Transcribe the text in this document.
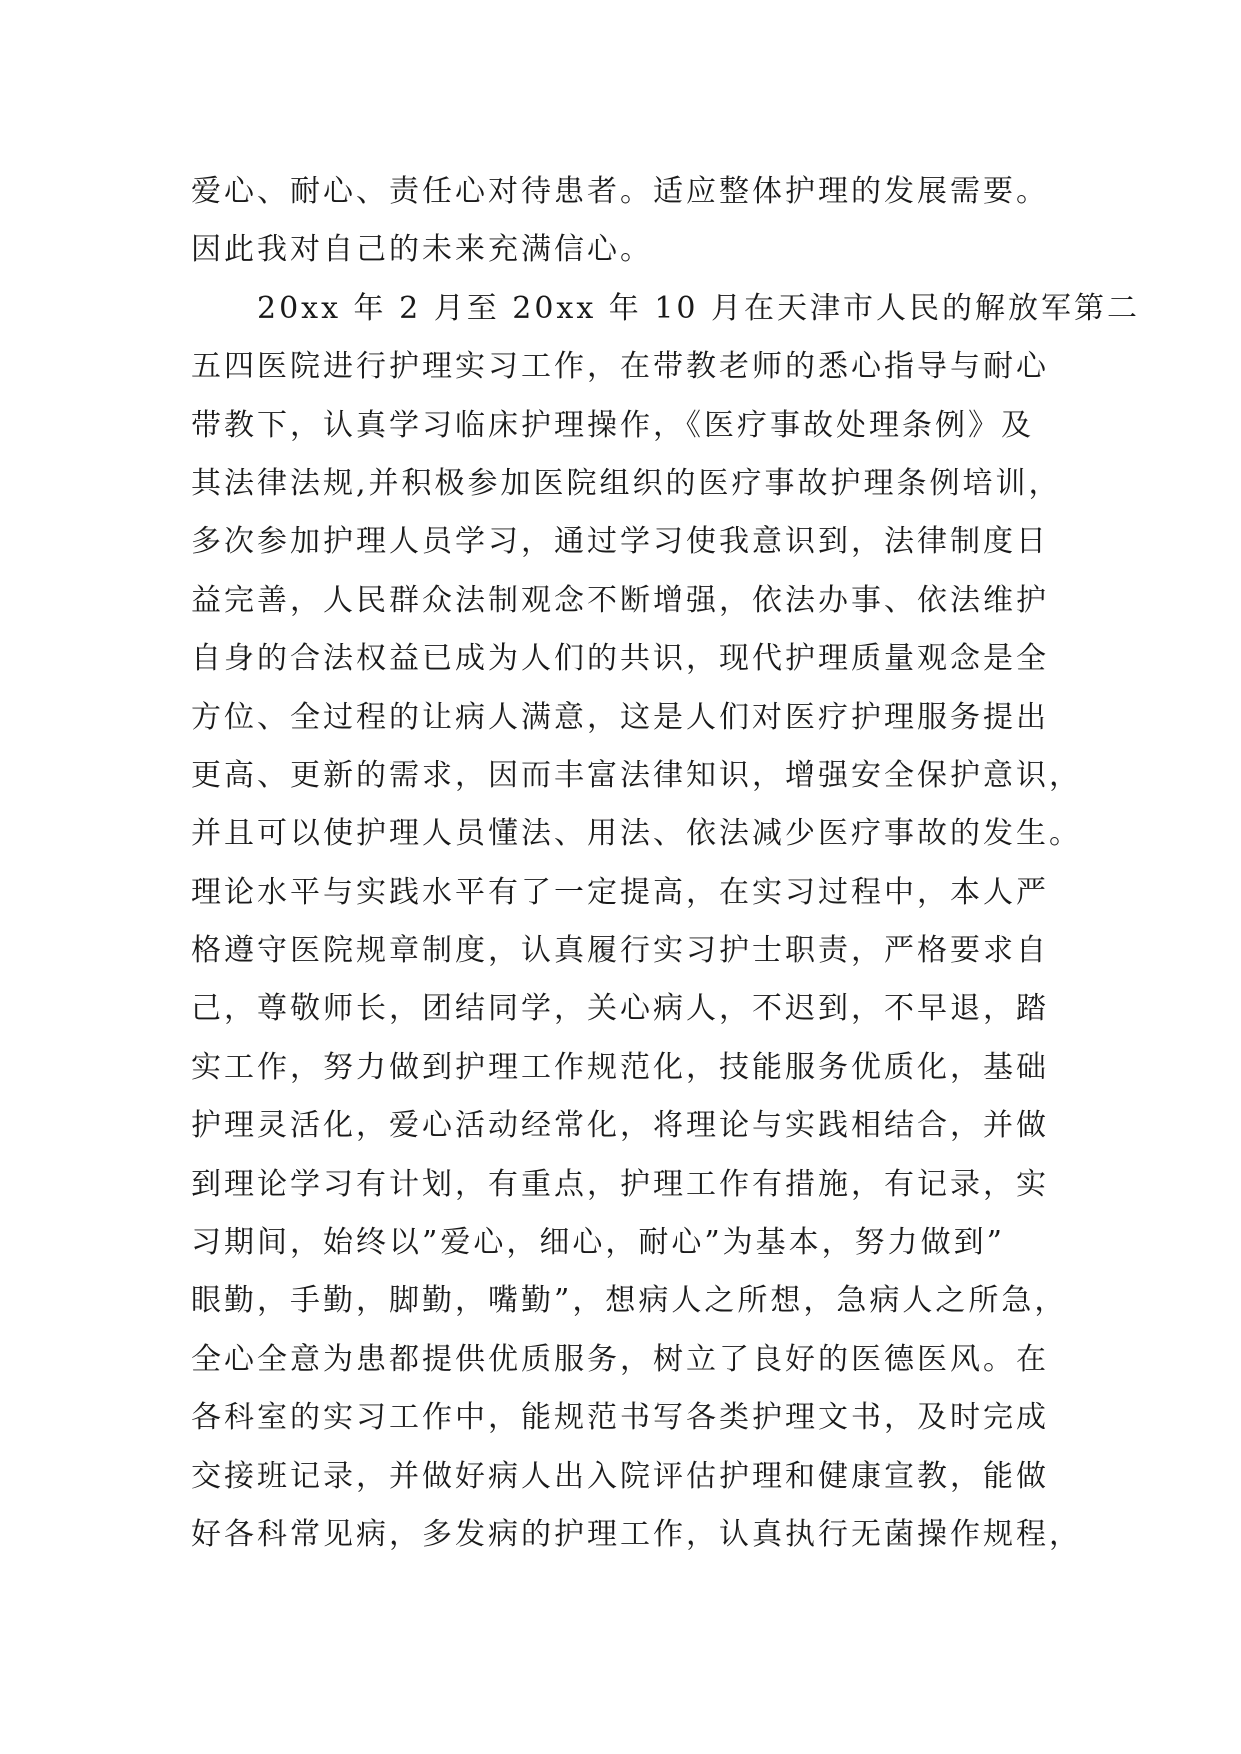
爱心、耐心、责任心对待患者。适应整体护理的发展需要。
因此我对自己的未来充满信心。
　　20xx 年 2 月至 20xx 年 10 月在天津市人民的解放军第二
五四医院进行护理实习工作，在带教老师的悉心指导与耐心
带教下，认真学习临床护理操作，《医疗事故处理条例》及
其法律法规,并积极参加医院组织的医疗事故护理条例培训，
多次参加护理人员学习，通过学习使我意识到，法律制度日
益完善，人民群众法制观念不断增强，依法办事、依法维护
自身的合法权益已成为人们的共识，现代护理质量观念是全
方位、全过程的让病人满意，这是人们对医疗护理服务提出
更高、更新的需求，因而丰富法律知识，增强安全保护意识，
并且可以使护理人员懂法、用法、依法减少医疗事故的发生。
理论水平与实践水平有了一定提高，在实习过程中，本人严
格遵守医院规章制度，认真履行实习护士职责，严格要求自
己，尊敬师长，团结同学，关心病人，不迟到，不早退，踏
实工作，努力做到护理工作规范化，技能服务优质化，基础
护理灵活化，爱心活动经常化，将理论与实践相结合，并做
到理论学习有计划，有重点，护理工作有措施，有记录，实
习期间，始终以”爱心，细心，耐心”为基本，努力做到”
眼勤，手勤，脚勤，嘴勤”，想病人之所想，急病人之所急，
全心全意为患都提供优质服务，树立了良好的医德医风。在
各科室的实习工作中，能规范书写各类护理文书，及时完成
交接班记录，并做好病人出入院评估护理和健康宣教，能做
好各科常见病，多发病的护理工作，认真执行无菌操作规程，
